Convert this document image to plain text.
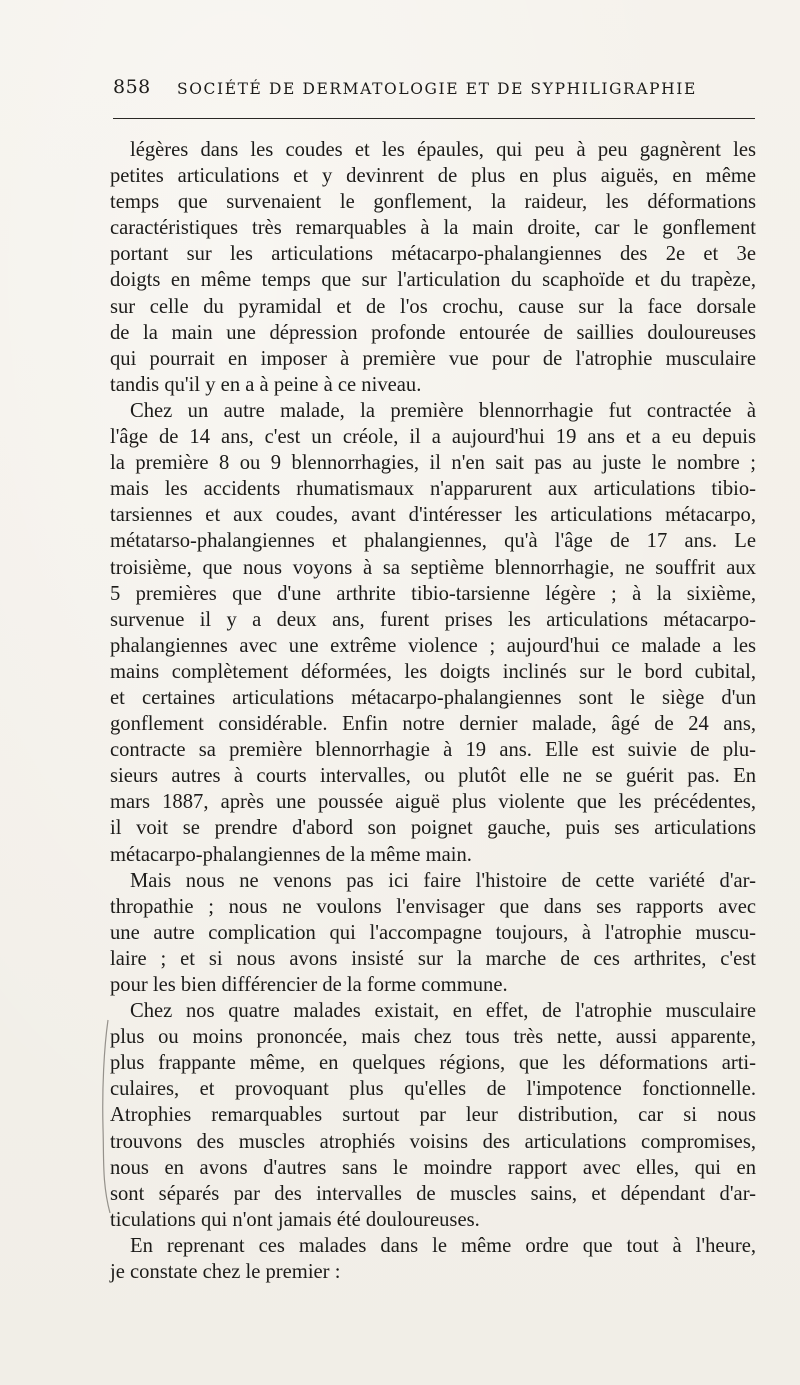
858 SOCIÉTÉ DE DERMATOLOGIE ET DE SYPHILIGRAPHIE
légères dans les coudes et les épaules, qui peu à peu gagnèrent les
petites articulations et y devinrent de plus en plus aiguës, en même
temps que survenaient le gonflement, la raideur, les déformations
caractéristiques très remarquables à la main droite, car le gonflement
portant sur les articulations métacarpo-phalangiennes des 2e et 3e
doigts en même temps que sur l'articulation du scaphoïde et du trapèze,
sur celle du pyramidal et de l'os crochu, cause sur la face dorsale
de la main une dépression profonde entourée de saillies douloureuses
qui pourrait en imposer à première vue pour de l'atrophie musculaire
tandis qu'il y en a à peine à ce niveau.
Chez un autre malade, la première blennorrhagie fut contractée à
l'âge de 14 ans, c'est un créole, il a aujourd'hui 19 ans et a eu depuis
la première 8 ou 9 blennorrhagies, il n'en sait pas au juste le nombre ;
mais les accidents rhumatismaux n'apparurent aux articulations tibio-
tarsiennes et aux coudes, avant d'intéresser les articulations métacarpo,
métatarso-phalangiennes et phalangiennes, qu'à l'âge de 17 ans. Le
troisième, que nous voyons à sa septième blennorrhagie, ne souffrit aux
5 premières que d'une arthrite tibio-tarsienne légère ; à la sixième,
survenue il y a deux ans, furent prises les articulations métacarpo-
phalangiennes avec une extrême violence ; aujourd'hui ce malade a les
mains complètement déformées, les doigts inclinés sur le bord cubital,
et certaines articulations métacarpo-phalangiennes sont le siège d'un
gonflement considérable. Enfin notre dernier malade, âgé de 24 ans,
contracte sa première blennorrhagie à 19 ans. Elle est suivie de plu-
sieurs autres à courts intervalles, ou plutôt elle ne se guérit pas. En
mars 1887, après une poussée aiguë plus violente que les précédentes,
il voit se prendre d'abord son poignet gauche, puis ses articulations
métacarpo-phalangiennes de la même main.
Mais nous ne venons pas ici faire l'histoire de cette variété d'ar-
thropathie ; nous ne voulons l'envisager que dans ses rapports avec
une autre complication qui l'accompagne toujours, à l'atrophie muscu-
laire ; et si nous avons insisté sur la marche de ces arthrites, c'est
pour les bien différencier de la forme commune.
Chez nos quatre malades existait, en effet, de l'atrophie musculaire
plus ou moins prononcée, mais chez tous très nette, aussi apparente,
plus frappante même, en quelques régions, que les déformations arti-
culaires, et provoquant plus qu'elles de l'impotence fonctionnelle.
Atrophies remarquables surtout par leur distribution, car si nous
trouvons des muscles atrophiés voisins des articulations compromises,
nous en avons d'autres sans le moindre rapport avec elles, qui en
sont séparés par des intervalles de muscles sains, et dépendant d'ar-
ticulations qui n'ont jamais été douloureuses.
En reprenant ces malades dans le même ordre que tout à l'heure,
je constate chez le premier :
